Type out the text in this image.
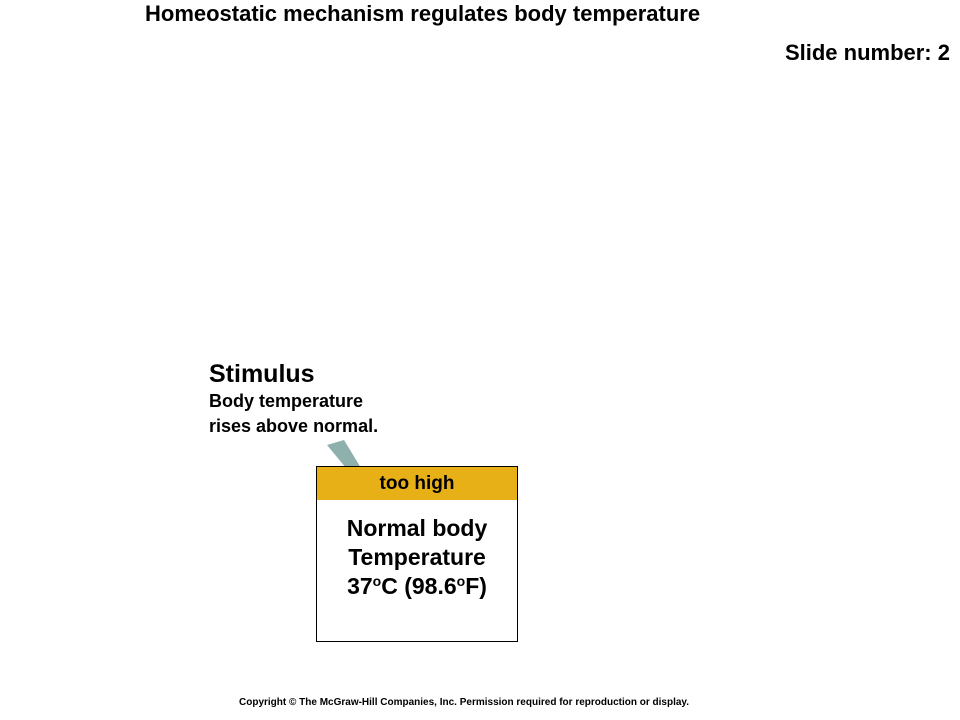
Homeostatic mechanism regulates body temperature
Slide number: 2
Stimulus
Body temperature
rises above normal.
too high
Normal body
Temperature
37$^o$C (98.6$^o$F)
Copyright © The McGraw-Hill Companies, Inc. Permission required for reproduction or display.
